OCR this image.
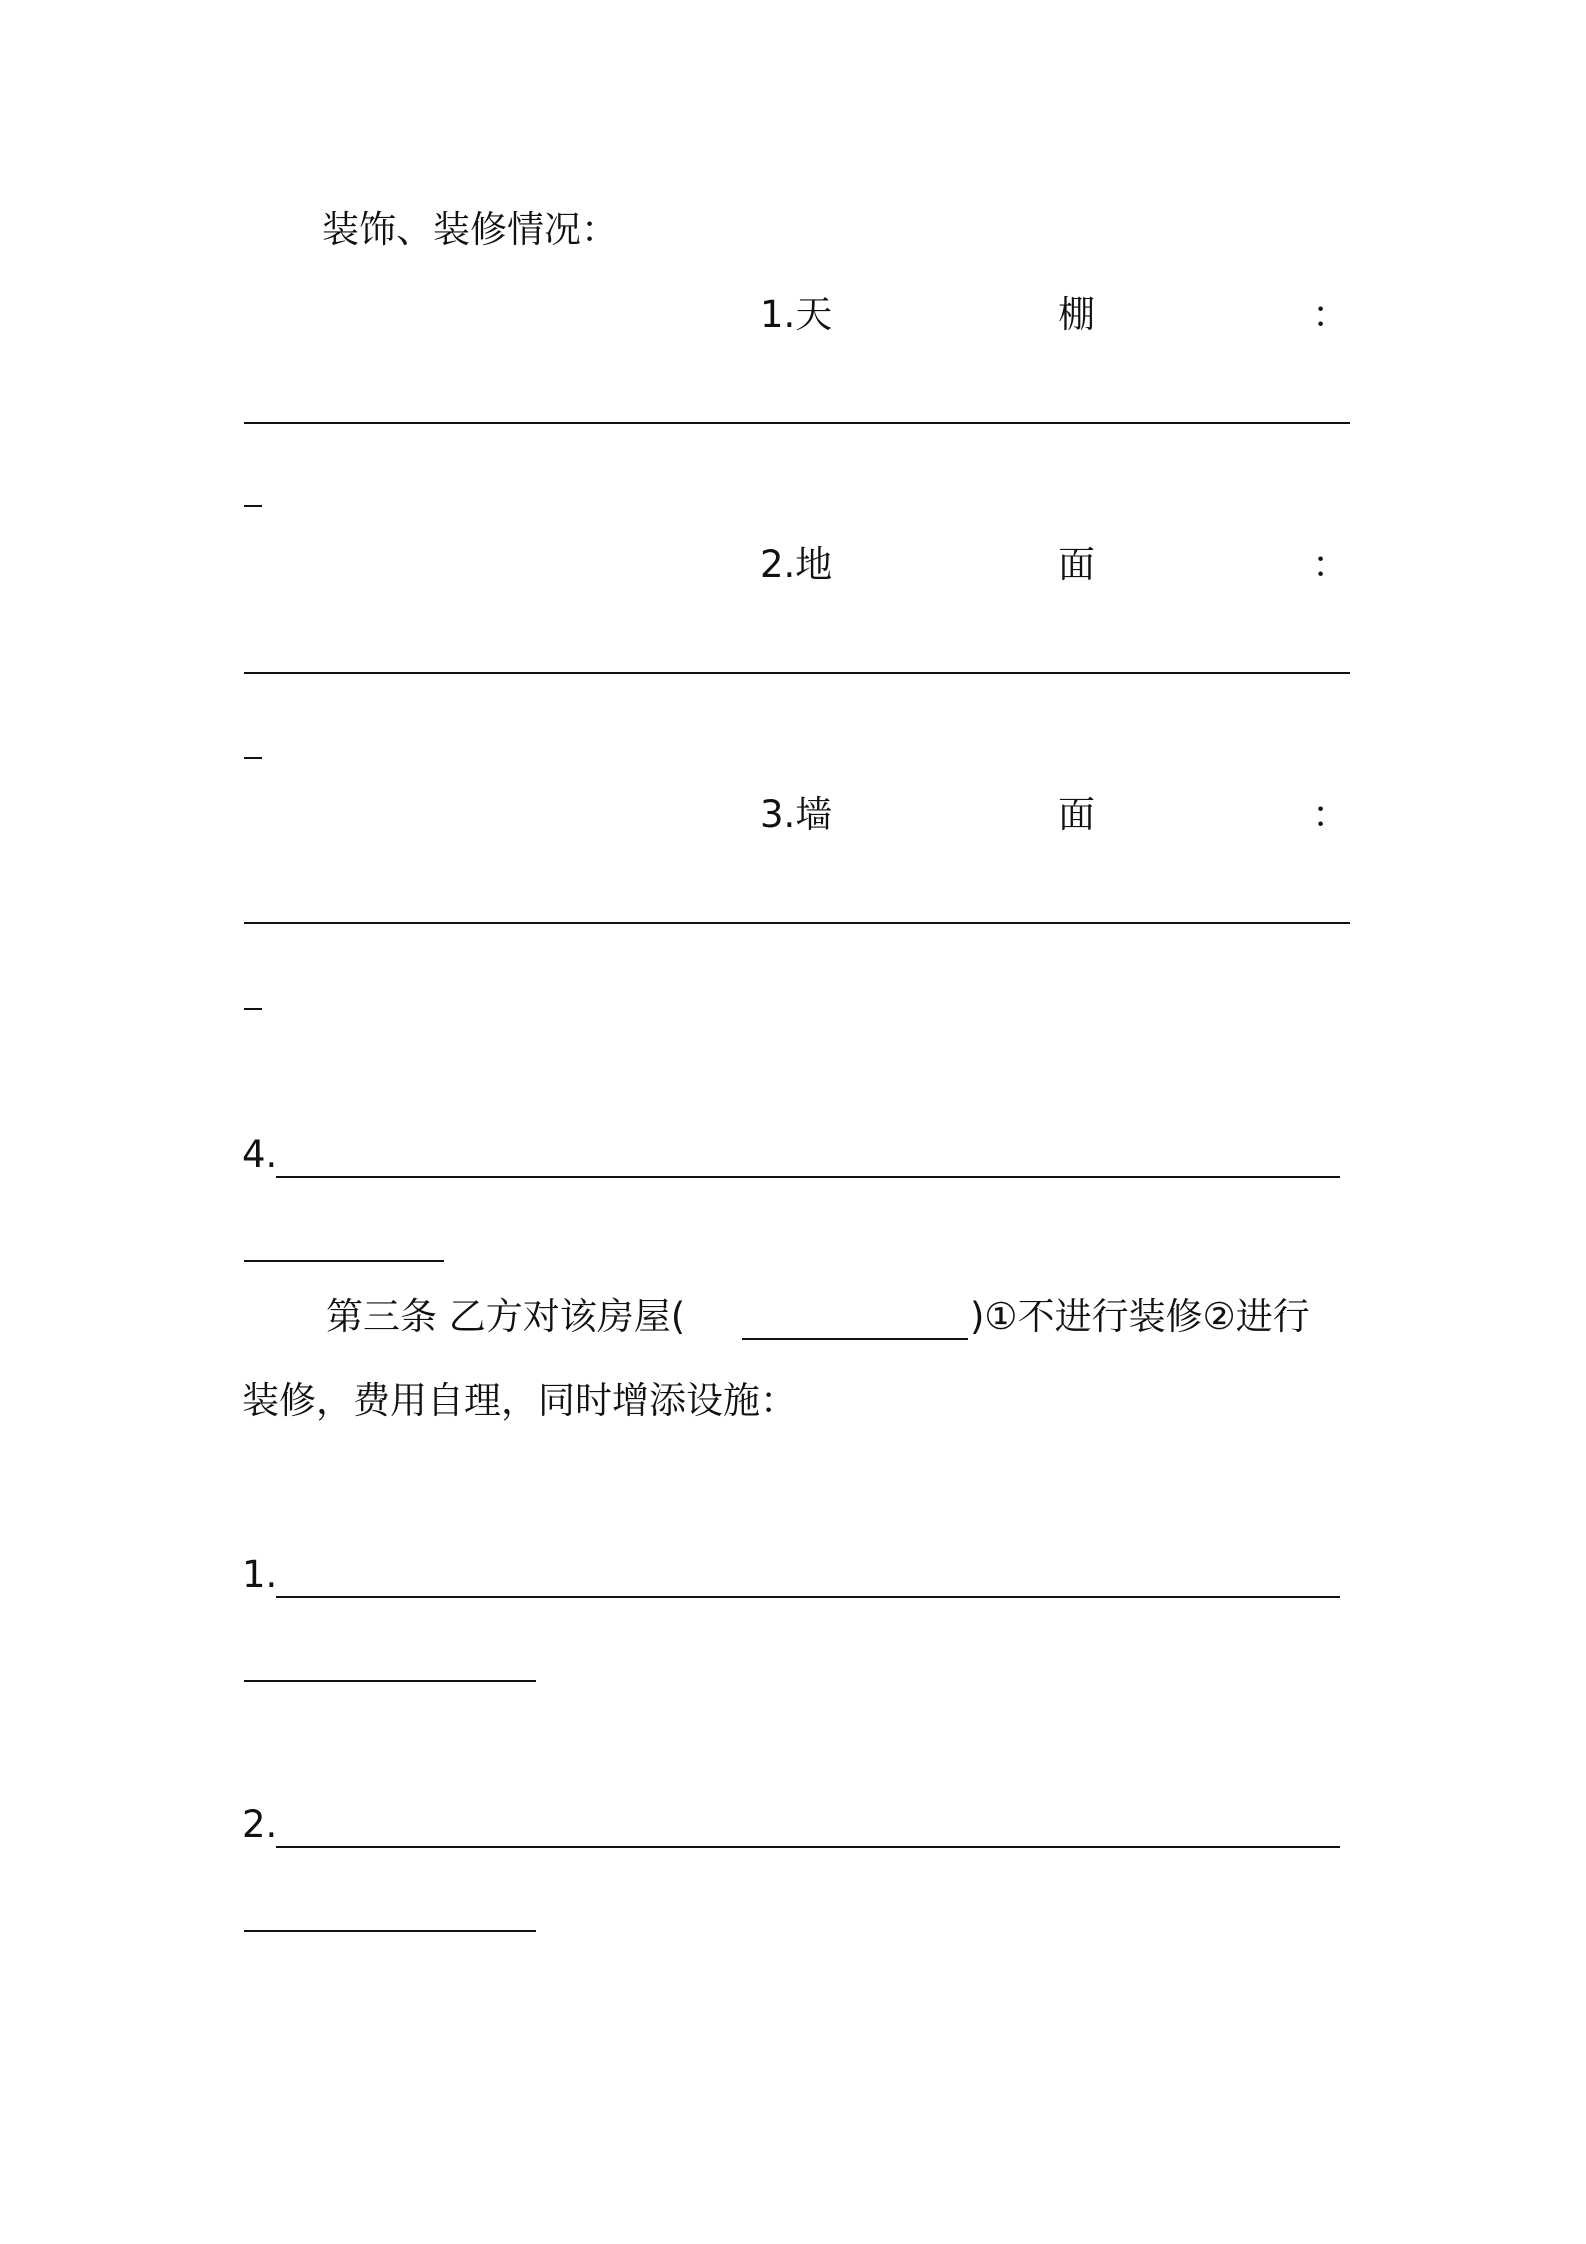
装饰、装修情况：
1.天	棚	：
2.地	面	：
3.墙	面	：
4.
第三条 乙方对该房屋(	)①不进行装修②进行
装修，费用自理，同时增添设施：
1.
2.
